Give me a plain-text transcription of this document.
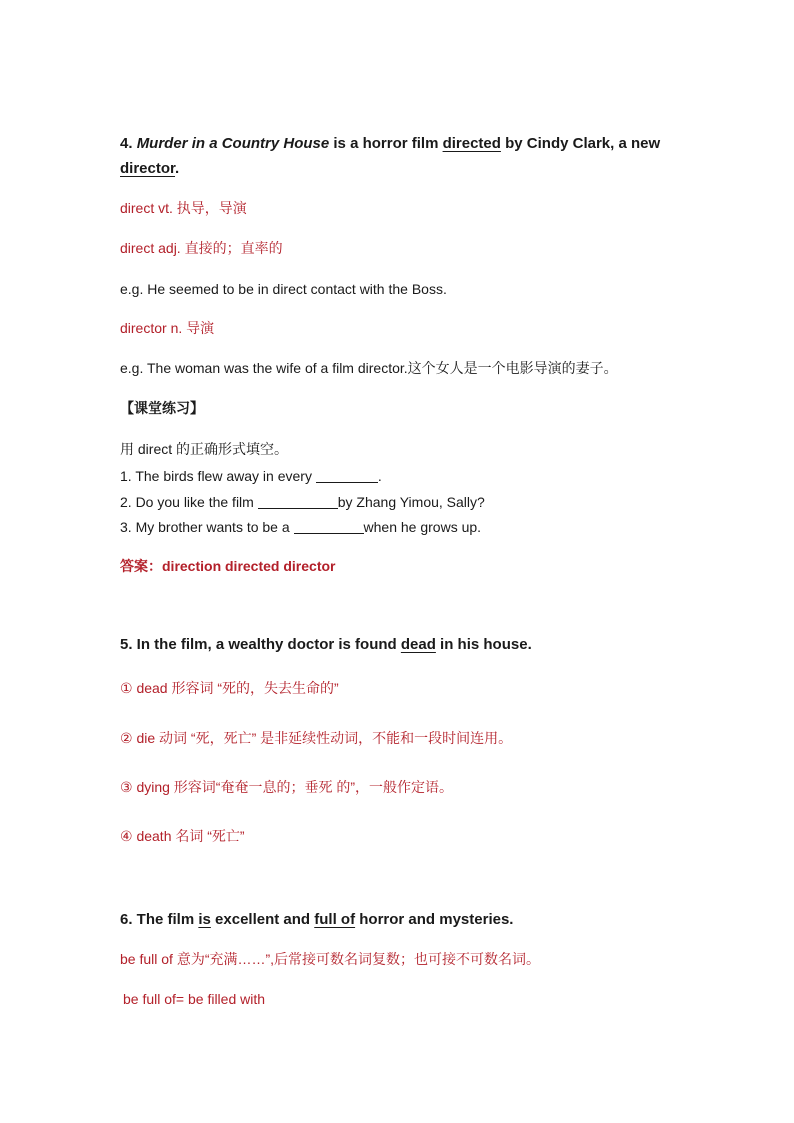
4. Murder in a Country House is a horror film directed by Cindy Clark, a new
director.
direct vt. 执导，导演
direct adj. 直接的；直率的
e.g. He seemed to be in direct contact with the Boss.
director n. 导演
e.g. The woman was the wife of a film director.这个女人是一个电影导演的妻子。
【课堂练习】
用 direct 的正确形式填空。
1. The birds flew away in every	.
2. Do you like the film	by Zhang Yimou, Sally?
3. My brother wants to be a	when he grows up.
答案：direction directed director
5. In the film, a wealthy doctor is found dead in his house.
① dead 形容词 “死的，失去生命的”
② die 动词 “死，死亡” 是非延续性动词，不能和一段时间连用。
③ dying 形容词“奄奄一息的；垂死 的”，一般作定语。
④ death 名词 “死亡”
6. The film is excellent and full of horror and mysteries.
be full of 意为“充满……”,后常接可数名词复数；也可接不可数名词。
be full of= be filled with
